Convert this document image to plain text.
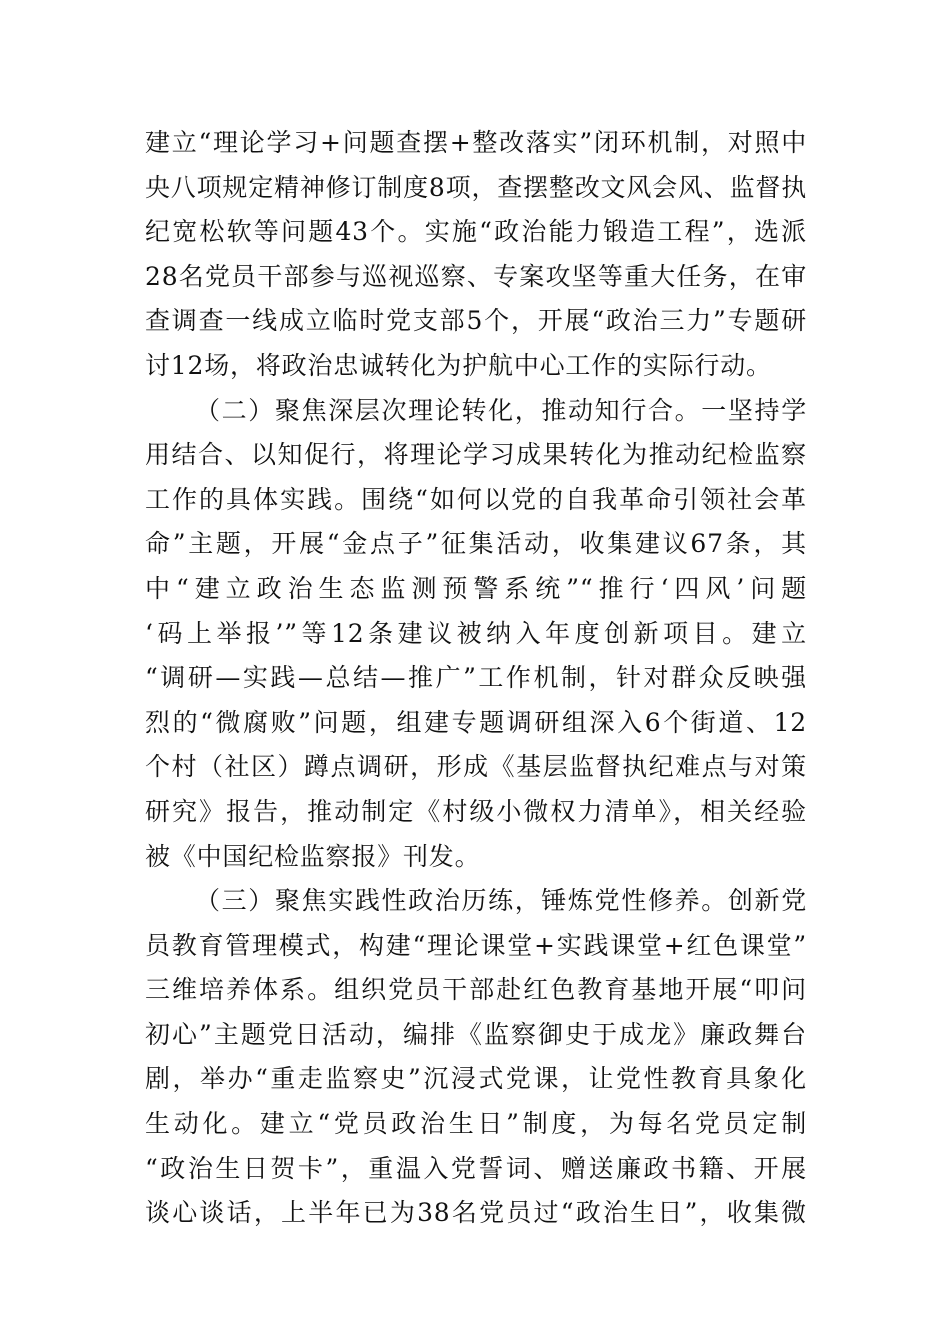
建立“理论学习+问题查摆+整改落实”闭环机制，对照中
央八项规定精神修订制度8项，查摆整改文风会风、监督执
纪宽松软等问题43个。实施“政治能力锻造工程”，选派
28名党员干部参与巡视巡察、专案攻坚等重大任务，在审
查调查一线成立临时党支部5个，开展“政治三力”专题研
讨12场，将政治忠诚转化为护航中心工作的实际行动。
（二）聚焦深层次理论转化，推动知行合。一坚持学
用结合、以知促行，将理论学习成果转化为推动纪检监察
工作的具体实践。围绕“如何以党的自我革命引领社会革
命”主题，开展“金点子”征集活动，收集建议67条，其
中“建立政治生态监测预警系统”“推行‘四风’问题
‘码上举报’”等12条建议被纳入年度创新项目。建立
“调研—实践—总结—推广”工作机制，针对群众反映强
烈的“微腐败”问题，组建专题调研组深入6个街道、12
个村（社区）蹲点调研，形成《基层监督执纪难点与对策
研究》报告，推动制定《村级小微权力清单》，相关经验
被《中国纪检监察报》刊发。
（三）聚焦实践性政治历练，锤炼党性修养。创新党
员教育管理模式，构建“理论课堂+实践课堂+红色课堂”
三维培养体系。组织党员干部赴红色教育基地开展“叩问
初心”主题党日活动，编排《监察御史于成龙》廉政舞台
剧，举办“重走监察史”沉浸式党课，让党性教育具象化
生动化。建立“党员政治生日”制度，为每名党员定制
“政治生日贺卡”，重温入党誓词、赠送廉政书籍、开展
谈心谈话，上半年已为38名党员过“政治生日”，收集微
